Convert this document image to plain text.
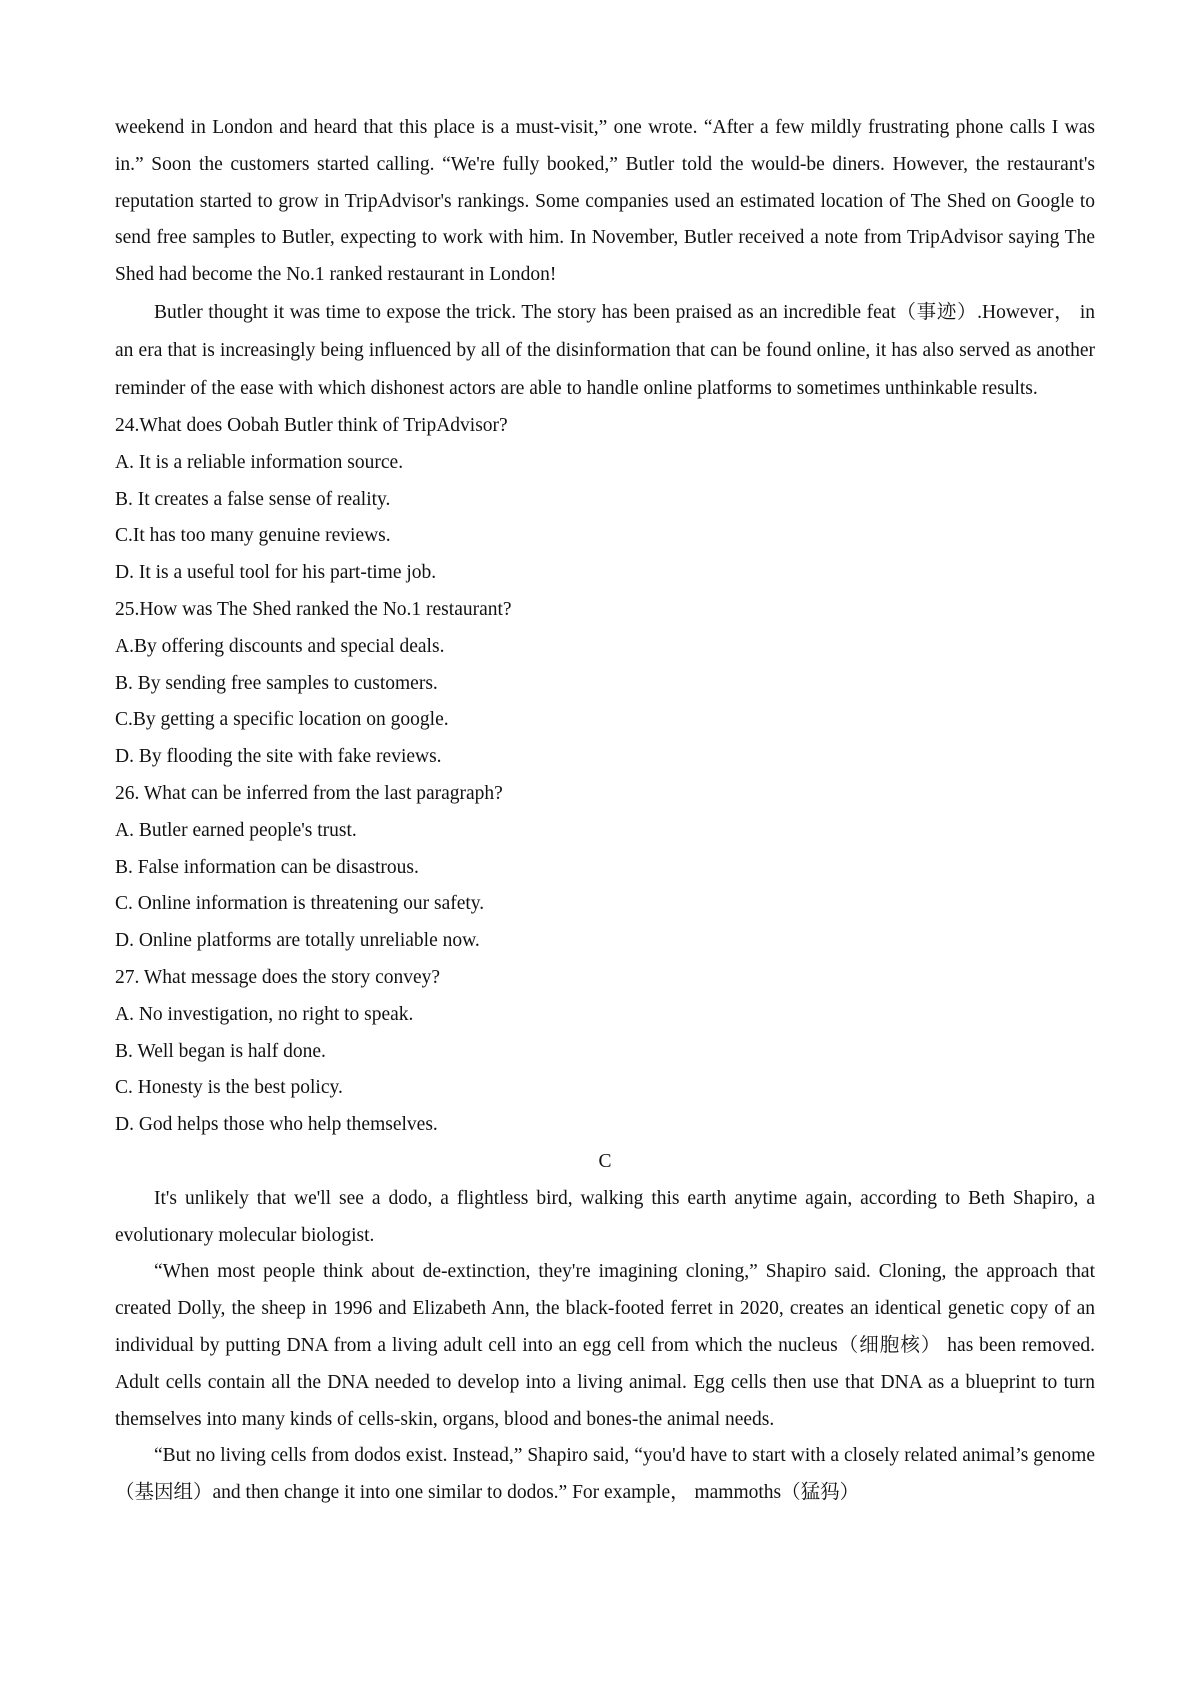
weekend in London and heard that this place is a must-visit,” one wrote. “After a few mildly frustrating phone calls I was in.” Soon the customers started calling. “We're fully booked,” Butler told the would-be diners. However, the restaurant's reputation started to grow in TripAdvisor's rankings. Some companies used an estimated location of The Shed on Google to send free samples to Butler, expecting to work with him. In November, Butler received a note from TripAdvisor saying The Shed had become the No.1 ranked restaurant in London!

Butler thought it was time to expose the trick. The story has been praised as an incredible feat（事迹）.However， in an era that is increasingly being influenced by all of the disinformation that can be found online, it has also served as another reminder of the ease with which dishonest actors are able to handle online platforms to sometimes unthinkable results.

24.What does Oobah Butler think of TripAdvisor?

A. It is a reliable information source.

B. It creates a false sense of reality.

C.It has too many genuine reviews.

D. It is a useful tool for his part-time job.

25.How was The Shed ranked the No.1 restaurant?

A.By offering discounts and special deals.

B. By sending free samples to customers.

C.By getting a specific location on google.

D. By flooding the site with fake reviews.

26. What can be inferred from the last paragraph?

A. Butler earned people's trust.

B. False information can be disastrous.

C. Online information is threatening our safety.

D. Online platforms are totally unreliable now.

27. What message does the story convey?

A. No investigation, no right to speak.

B. Well began is half done.

C. Honesty is the best policy.

D. God helps those who help themselves.

C

It's unlikely that we'll see a dodo, a flightless bird, walking this earth anytime again, according to Beth Shapiro, a evolutionary molecular biologist.

“When most people think about de-extinction, they're imagining cloning,” Shapiro said. Cloning, the approach that created Dolly, the sheep in 1996 and Elizabeth Ann, the black-footed ferret in 2020, creates an identical genetic copy of an individual by putting DNA from a living adult cell into an egg cell from which the nucleus（细胞核） has been removed. Adult cells contain all the DNA needed to develop into a living animal. Egg cells then use that DNA as a blueprint to turn themselves into many kinds of cells-skin, organs, blood and bones-the animal needs.

“But no living cells from dodos exist. Instead,” Shapiro said, “you'd have to start with a closely related animal’s genome（基因组）and then change it into one similar to dodos.” For example， mammoths（猛犸）
